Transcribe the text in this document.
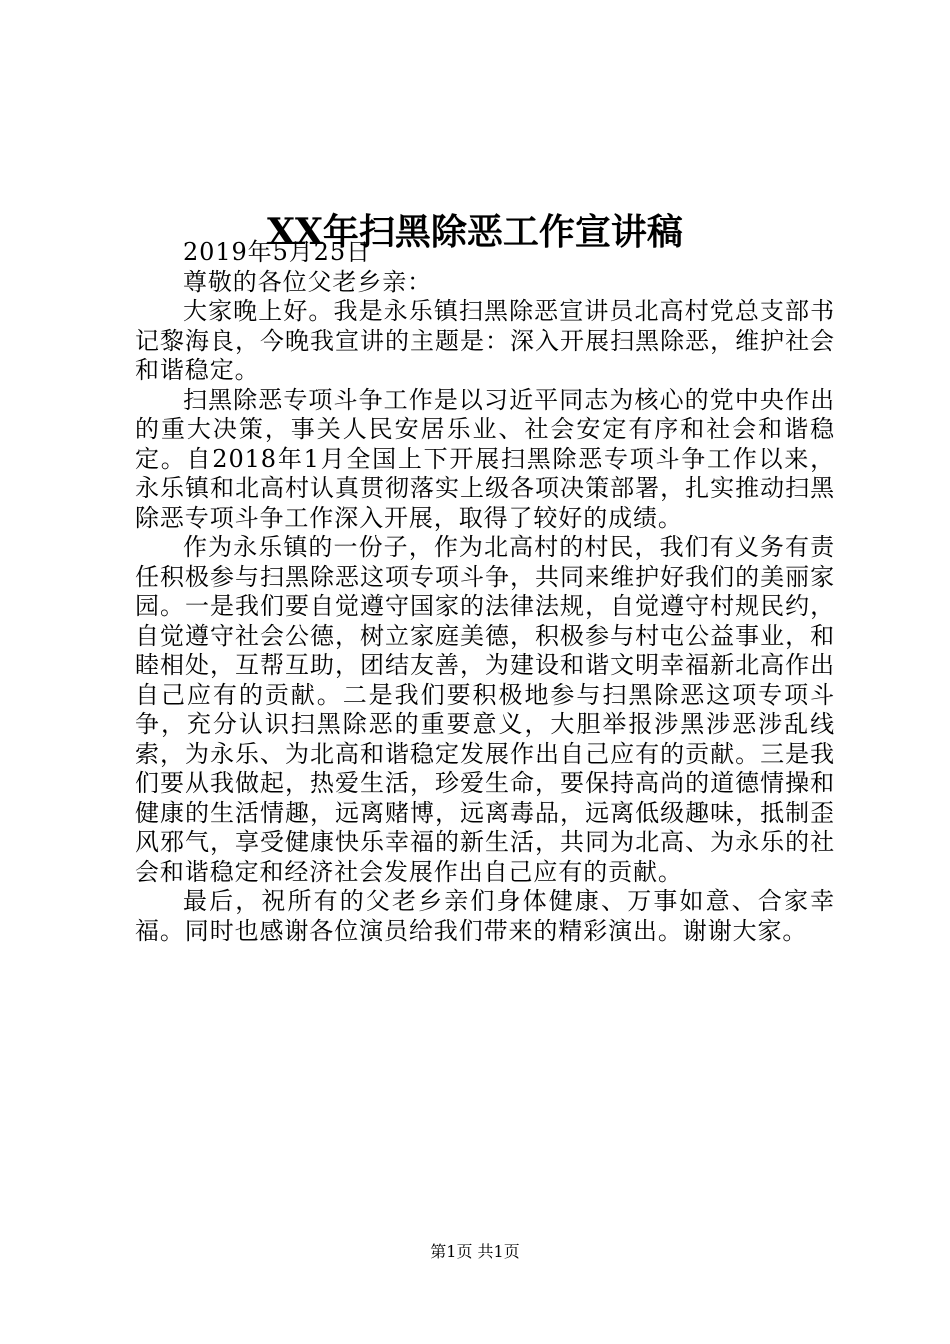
XX年扫黑除恶工作宣讲稿

2019年5月25日

尊敬的各位父老乡亲：

大家晚上好。我是永乐镇扫黑除恶宣讲员北高村党总支部书记黎海良，今晚我宣讲的主题是：深入开展扫黑除恶，维护社会和谐稳定。

扫黑除恶专项斗争工作是以习近平同志为核心的党中央作出的重大决策，事关人民安居乐业、社会安定有序和社会和谐稳定。自2018年1月全国上下开展扫黑除恶专项斗争工作以来，永乐镇和北高村认真贯彻落实上级各项决策部署，扎实推动扫黑除恶专项斗争工作深入开展，取得了较好的成绩。

作为永乐镇的一份子，作为北高村的村民，我们有义务有责任积极参与扫黑除恶这项专项斗争，共同来维护好我们的美丽家园。一是我们要自觉遵守国家的法律法规，自觉遵守村规民约，自觉遵守社会公德，树立家庭美德，积极参与村屯公益事业，和睦相处，互帮互助，团结友善，为建设和谐文明幸福新北高作出自己应有的贡献。二是我们要积极地参与扫黑除恶这项专项斗争，充分认识扫黑除恶的重要意义，大胆举报涉黑涉恶涉乱线索，为永乐、为北高和谐稳定发展作出自己应有的贡献。三是我们要从我做起，热爱生活，珍爱生命，要保持高尚的道德情操和健康的生活情趣，远离赌博，远离毒品，远离低级趣味，抵制歪风邪气，享受健康快乐幸福的新生活，共同为北高、为永乐的社会和谐稳定和经济社会发展作出自己应有的贡献。

最后，祝所有的父老乡亲们身体健康、万事如意、合家幸福。同时也感谢各位演员给我们带来的精彩演出。谢谢大家。

第1页 共1页
